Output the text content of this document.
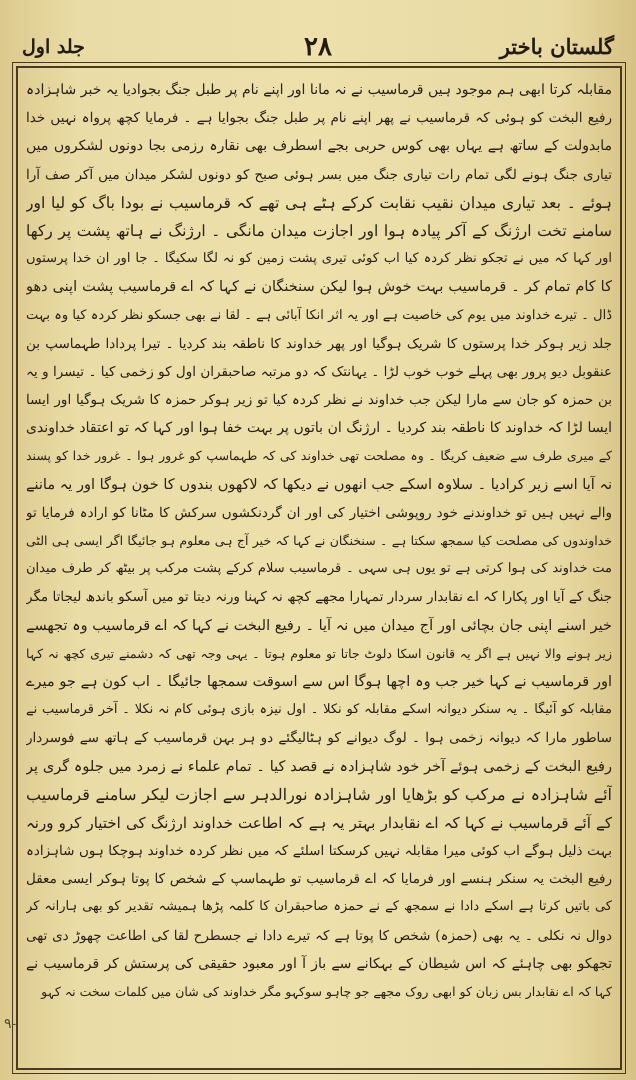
گلستان باختر
۲۸
جلد اول
مقابلہ کرتا ابھی ہم موجود ہیں قرماسیب نے نہ مانا اور اپنے نام پر طبل جنگ بجوادیا یہ خبر شاہزادہ
رفیع البخت کو ہوئی کہ قرماسیب نے پھر اپنے نام پر طبل جنگ بجوایا ہے ۔ فرمایا کچھ پرواہ نہیں خدا
مابدولت کے ساتھ ہے یہاں بھی کوس حربی بجے اسطرف بھی نقارہ رزمی بجا دونوں لشکروں میں
تیاری جنگ ہونے لگی تمام رات تیاری جنگ میں بسر ہوئی صبح کو دونوں لشکر میدان میں آکر صف آرا
ہوئے ۔ بعد تیاری میدان نقیب نقابت کرکے ہٹے ہی تھے کہ قرماسیب نے بودا باگ کو لیا اور
سامنے تخت ارژنگ کے آکر پیادہ ہوا اور اجازت میدان مانگی ۔ ارژنگ نے ہاتھ پشت پر رکھا
اور کہا کہ میں نے تجکو نظر کردہ کیا اب کوئی تیری پشت زمین کو نہ لگا سکیگا ۔ جا اور ان خدا پرستوں
کا کام تمام کر ۔ قرماسیب بہت خوش ہوا لیکن سنخنگان نے کہا کہ اے قرماسیب پشت اپنی دھو
ڈال ۔ تیرے خداوند میں یوم کی خاصیت ہے اور یہ اثر انکا آبائی ہے ۔ لقا نے بھی جسکو نظر کردہ کیا وہ بہت
جلد زیر ہوکر خدا پرستوں کا شریک ہوگیا اور پھر خداوند کا ناطقہ بند کردیا ۔ تیرا پردادا طہماسپ بن
عنقوبل دیو پرور بھی پہلے خوب خوب لڑا ۔ یہانتک کہ دو مرتبہ صاحبقران اول کو زخمی کیا ۔ تیسرا و یہ
بن حمزہ کو جان سے مارا لیکن جب خداوند نے نظر کردہ کیا تو زیر ہوکر حمزہ کا شریک ہوگیا اور ایسا
ایسا لڑا کہ خداوند کا ناطقہ بند کردیا ۔ ارژنگ ان باتوں پر بہت خفا ہوا اور کہا کہ تو اعتقاد خداوندی
کے میری طرف سے ضعیف کریگا ۔ وہ مصلحت تھی خداوند کی کہ طہماسپ کو غرور ہوا ۔ غرور خدا کو پسند
نہ آیا اسے زیر کرادیا ۔ سلاوہ اسکے جب انھوں نے دیکھا کہ لاکھوں بندوں کا خون ہوگا اور یہ ماننے
والے نہیں ہیں تو خداوندنے خود روپوشی اختیار کی اور ان گردنکشوں سرکش کا مٹانا کو ارادہ فرمایا تو
خداوندوں کی مصلحت کیا سمجھ سکتا ہے ۔ سنخنگان نے کہا کہ خیر آج ہی معلوم ہو جائیگا اگر ایسی ہی الٹی
مت خداوند کی ہوا کرتی ہے تو یوں ہی سہی ۔ قرماسیب سلام کرکے پشت مرکب پر بیٹھ کر طرف میدان
جنگ کے آیا اور پکارا کہ اے نقابدار سردار تمہارا مجھے کچھ نہ کہنا ورنہ دیتا تو میں آسکو باندھ لیجاتا مگر
خیر اسنے اپنی جان بچائی اور آج میدان میں نہ آیا ۔ رفیع البخت نے کہا کہ اے قرماسیب وہ تجھسے
زیر ہونے والا نہیں ہے اگر یہ قانون اسکا دلوٹ جاتا تو معلوم ہوتا ۔ یہی وجہ تھی کہ دشمنے تیری کچھ نہ کہا
اور قرماسیب نے کہا خیر جب وہ اچھا ہوگا اس سے اسوقت سمجھا جائیگا ۔ اب کون ہے جو میرے
مقابلہ کو آئیگا ۔ یہ سنکر دیوانہ اسکے مقابلہ کو نکلا ۔ اول نیزہ بازی ہوئی کام نہ نکلا ۔ آخر قرماسیب نے
ساطور مارا کہ دیوانہ زخمی ہوا ۔ لوگ دیوانے کو ہٹالیگئے دو ہر بہن قرماسیب کے ہاتھ سے فوسردار
رفیع البخت کے زخمی ہوئے آخر خود شاہزادہ نے قصد کیا ۔ تمام علماء نے زمرد میں جلوہ گری پر
آئے شاہزادہ نے مرکب کو بڑھایا اور شاہزادہ نورالدہر سے اجازت لیکر سامنے قرماسیب
کے آئے قرماسیب نے کہا کہ اے نقابدار بہتر یہ ہے کہ اطاعت خداوند ارژنگ کی اختیار کرو ورنہ
بہت ذلیل ہوگے اب کوئی میرا مقابلہ نہیں کرسکتا اسلئے کہ میں نظر کردہ خداوند ہوچکا ہوں شاہزادہ
رفیع البخت یہ سنکر ہنسے اور فرمایا کہ اے قرماسیب تو طہماسپ کے شخص کا پوتا ہوکر ایسی معقل
کی باتیں کرتا ہے اسکے دادا نے سمجھ کے نے حمزہ صاحبقران کا کلمہ پڑھا ہمیشہ تقدیر کو بھی ہارانہ کر
دوال نہ نکلی ۔ یہ بھی (حمزہ) شخص کا پوتا ہے کہ تیرے دادا نے جسطرح لقا کی اطاعت چھوڑ دی تھی
تجھکو بھی چاہئے کہ اس شیطان کے بہکانے سے باز آ اور معبود حقیقی کی پرستش کر قرماسیب نے
کہا کہ اے نقابدار بس زبان کو ابھی روک مجھے جو چاہو سوکہو مگر خداوند کی شان میں کلمات سخت نہ کہو
۹-
